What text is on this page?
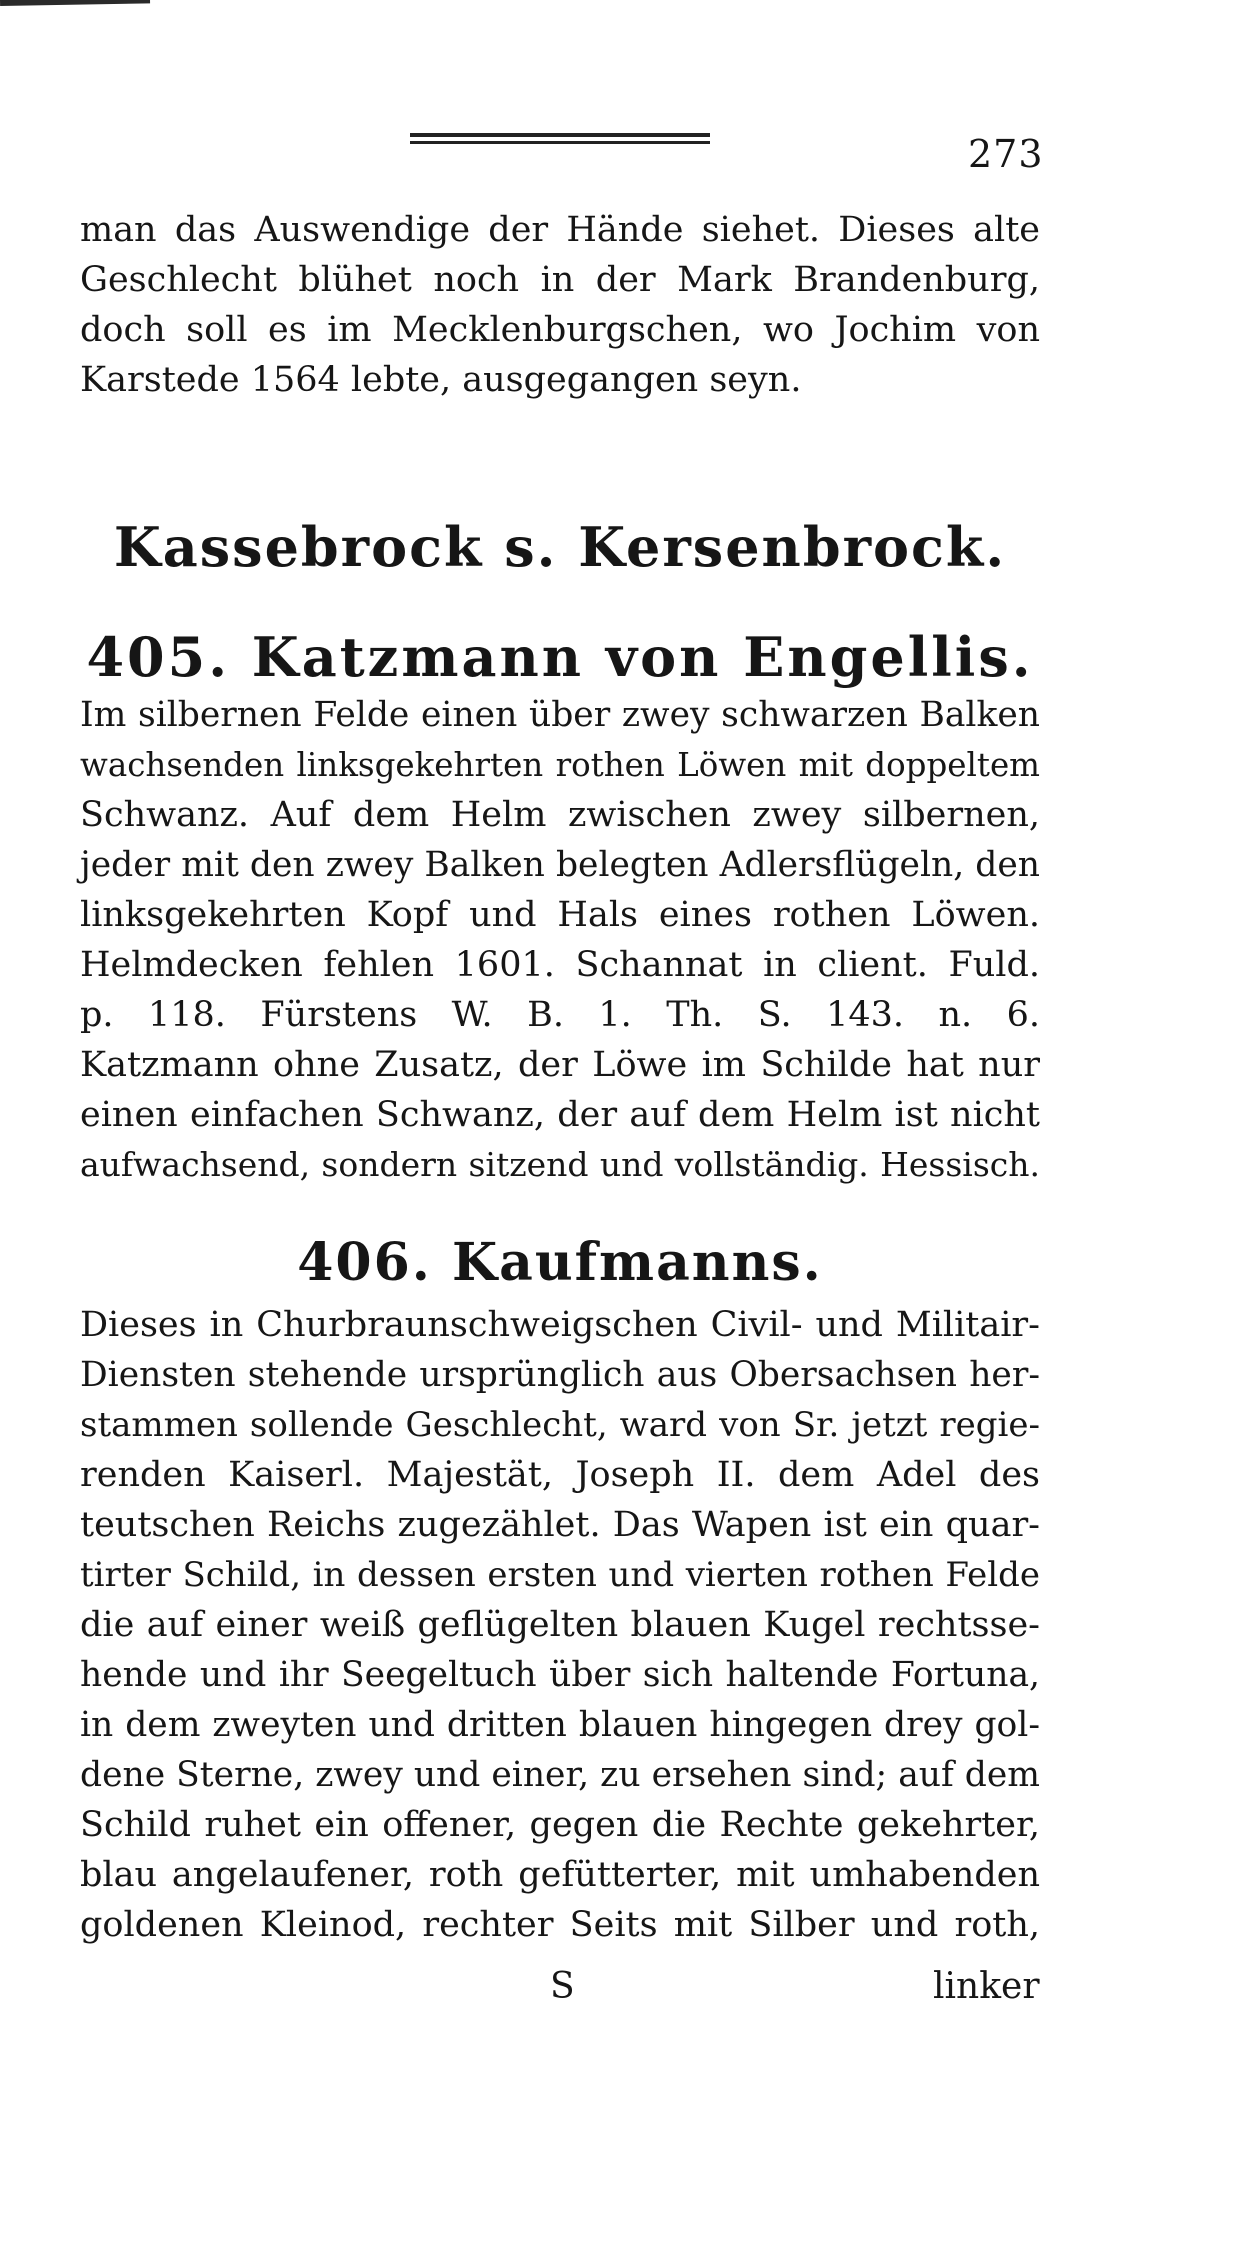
273
man das Auswendige der Hände siehet. Dieses alte
Geschlecht blühet noch in der Mark Brandenburg,
doch soll es im Mecklenburgschen, wo Jochim von
Karstede 1564 lebte, ausgegangen seyn.
Kassebrock s. Kersenbrock.
405. Katzmann von Engellis.
Im silbernen Felde einen über zwey schwarzen Balken
wachsenden linksgekehrten rothen Löwen mit doppeltem
Schwanz. Auf dem Helm zwischen zwey silbernen,
jeder mit den zwey Balken belegten Adlersflügeln, den
linksgekehrten Kopf und Hals eines rothen Löwen.
Helmdecken fehlen 1601. Schannat in client. Fuld.
p. 118. Fürstens W. B. 1. Th. S. 143. n. 6.
Katzmann ohne Zusatz, der Löwe im Schilde hat nur
einen einfachen Schwanz, der auf dem Helm ist nicht
aufwachsend, sondern sitzend und vollständig. Hessisch.
406. Kaufmanns.
Dieses in Churbraunschweigschen Civil- und Militair-
Diensten stehende ursprünglich aus Obersachsen her-
stammen sollende Geschlecht, ward von Sr. jetzt regie-
renden Kaiserl. Majestät, Joseph II. dem Adel des
teutschen Reichs zugezählet. Das Wapen ist ein quar-
tirter Schild, in dessen ersten und vierten rothen Felde
die auf einer weiß geflügelten blauen Kugel rechtsse-
hende und ihr Seegeltuch über sich haltende Fortuna,
in dem zweyten und dritten blauen hingegen drey gol-
dene Sterne, zwey und einer, zu ersehen sind; auf dem
Schild ruhet ein offener, gegen die Rechte gekehrter,
blau angelaufener, roth gefütterter, mit umhabenden
goldenen Kleinod, rechter Seits mit Silber und roth,
S	linker
